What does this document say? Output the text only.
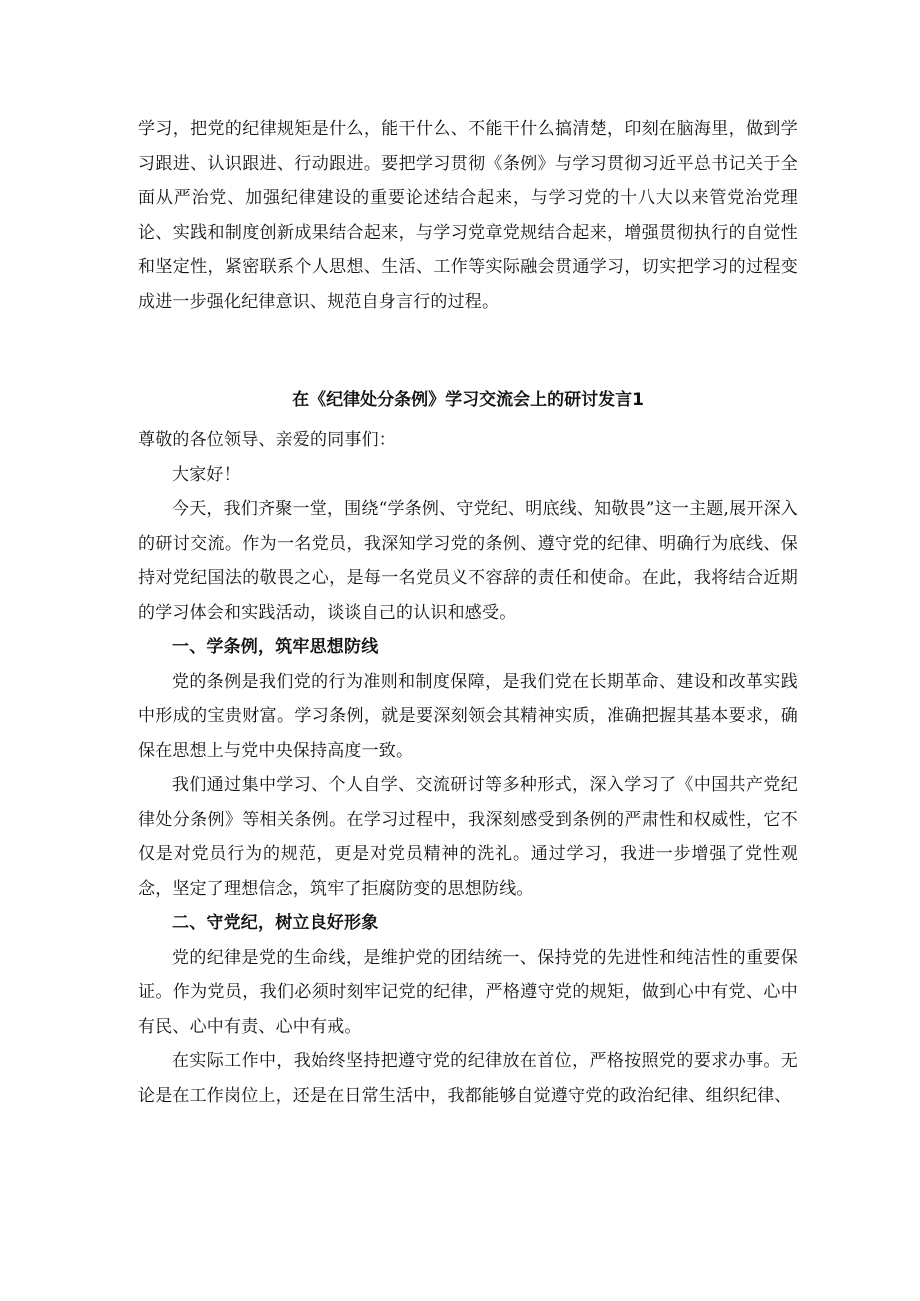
学习，把党的纪律规矩是什么，能干什么、不能干什么搞清楚，印刻在脑海里，做到学习跟进、认识跟进、行动跟进。要把学习贯彻《条例》与学习贯彻习近平总书记关于全面从严治党、加强纪律建设的重要论述结合起来，与学习党的十八大以来管党治党理论、实践和制度创新成果结合起来，与学习党章党规结合起来，增强贯彻执行的自觉性和坚定性，紧密联系个人思想、生活、工作等实际融会贯通学习，切实把学习的过程变成进一步强化纪律意识、规范自身言行的过程。

在《纪律处分条例》学习交流会上的研讨发言1

尊敬的各位领导、亲爱的同事们：

大家好！

今天，我们齐聚一堂，围绕“学条例、守党纪、明底线、知敬畏”这一主题,展开深入的研讨交流。作为一名党员，我深知学习党的条例、遵守党的纪律、明确行为底线、保持对党纪国法的敬畏之心，是每一名党员义不容辞的责任和使命。在此，我将结合近期的学习体会和实践活动，谈谈自己的认识和感受。

一、学条例，筑牢思想防线

党的条例是我们党的行为准则和制度保障，是我们党在长期革命、建设和改革实践中形成的宝贵财富。学习条例，就是要深刻领会其精神实质，准确把握其基本要求，确保在思想上与党中央保持高度一致。

我们通过集中学习、个人自学、交流研讨等多种形式，深入学习了《中国共产党纪律处分条例》等相关条例。在学习过程中，我深刻感受到条例的严肃性和权威性，它不仅是对党员行为的规范，更是对党员精神的洗礼。通过学习，我进一步增强了党性观念，坚定了理想信念，筑牢了拒腐防变的思想防线。

二、守党纪，树立良好形象

党的纪律是党的生命线，是维护党的团结统一、保持党的先进性和纯洁性的重要保证。作为党员，我们必须时刻牢记党的纪律，严格遵守党的规矩，做到心中有党、心中有民、心中有责、心中有戒。

在实际工作中，我始终坚持把遵守党的纪律放在首位，严格按照党的要求办事。无论是在工作岗位上，还是在日常生活中，我都能够自觉遵守党的政治纪律、组织纪律、
